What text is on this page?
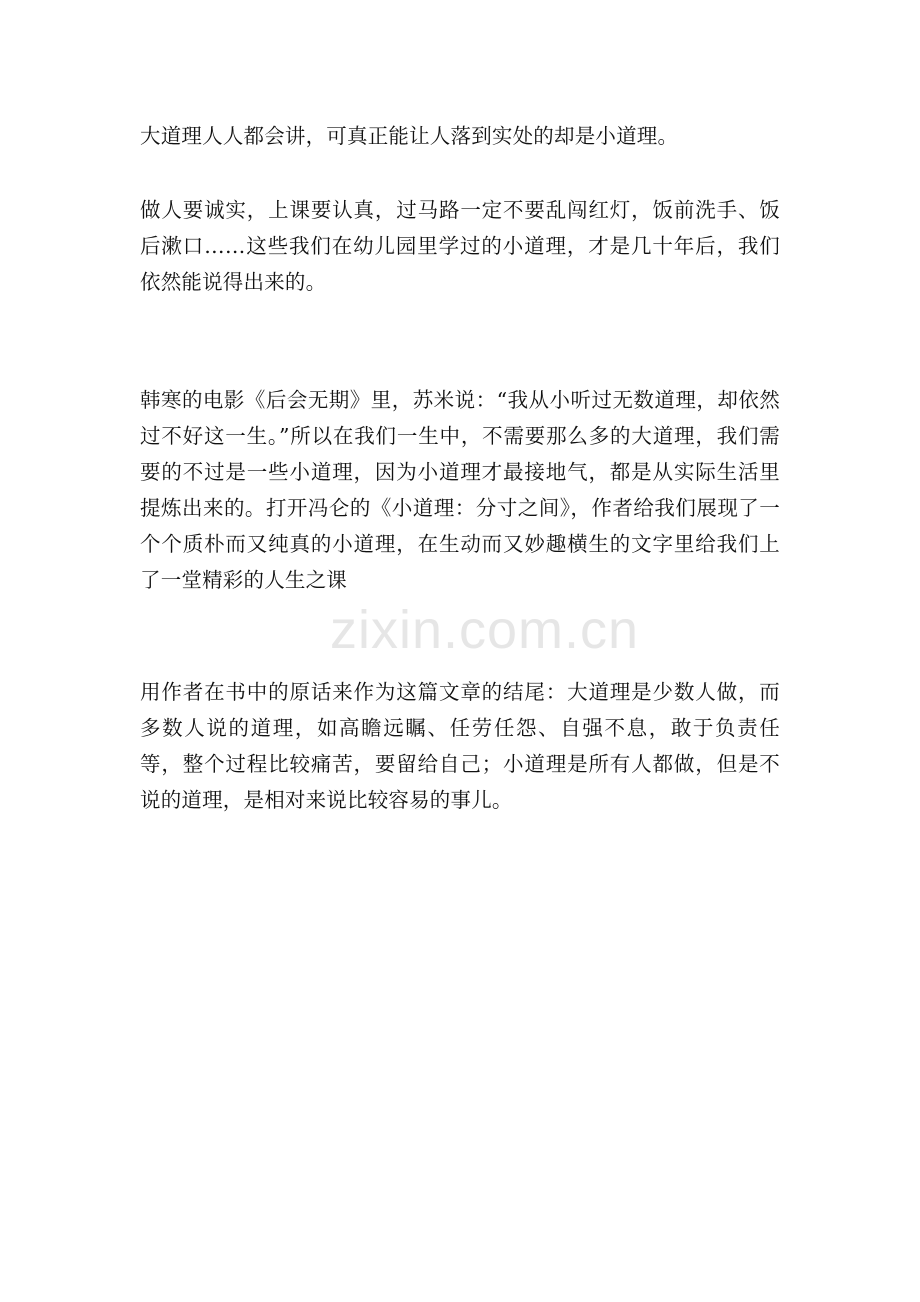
大道理人人都会讲，可真正能让人落到实处的却是小道理。

做人要诚实，上课要认真，过马路一定不要乱闯红灯，饭前洗手、饭后漱口……这些我们在幼儿园里学过的小道理，才是几十年后，我们依然能说得出来的。

韩寒的电影《后会无期》里，苏米说：“我从小听过无数道理，却依然过不好这一生。”所以在我们一生中，不需要那么多的大道理，我们需要的不过是一些小道理，因为小道理才最接地气，都是从实际生活里提炼出来的。打开冯仑的《小道理：分寸之间》，作者给我们展现了一个个质朴而又纯真的小道理，在生动而又妙趣横生的文字里给我们上了一堂精彩的人生之课

用作者在书中的原话来作为这篇文章的结尾：大道理是少数人做，而多数人说的道理，如高瞻远瞩、任劳任怨、自强不息，敢于负责任等，整个过程比较痛苦，要留给自己；小道理是所有人都做，但是不说的道理，是相对来说比较容易的事儿。

zixin.com.cn
